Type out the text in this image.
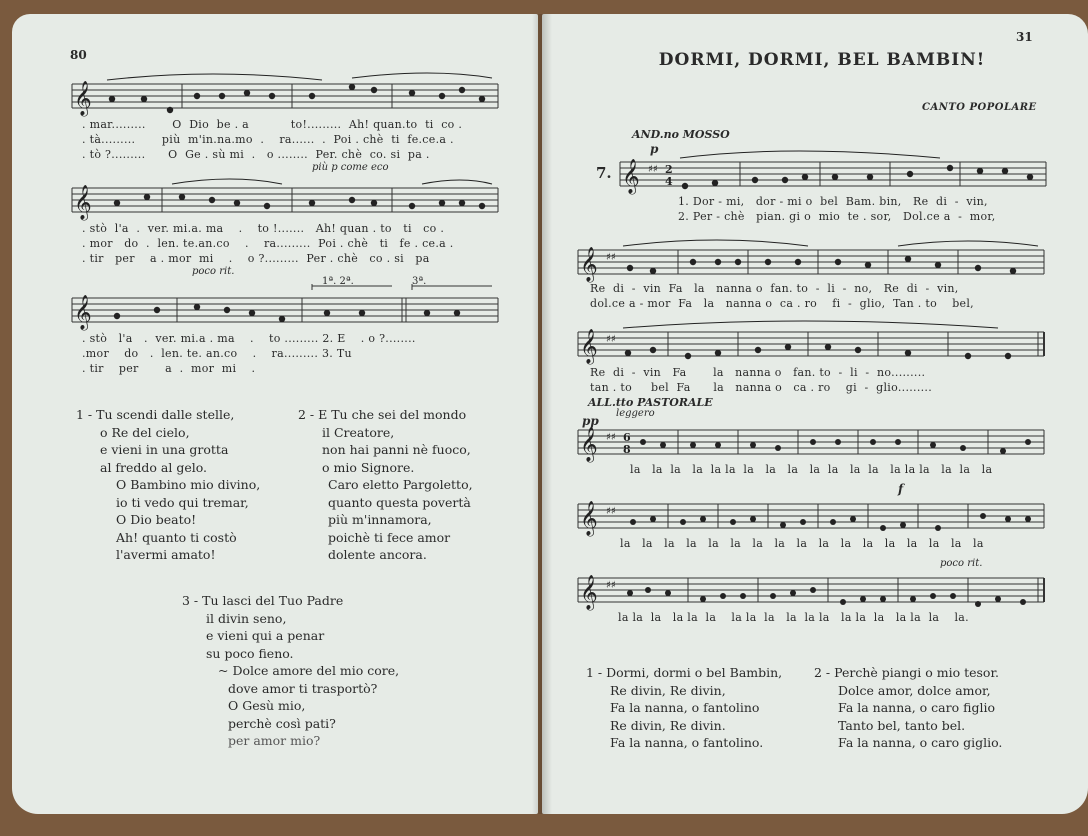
80
𝄞
. mar.........       O  Dio  be . a           to!.........  Ah! quan.to  ti  co .
. tà.........       più  m'in.na.mo  .    ra......  .  Poi . chè  ti  fe.ce.a .
. tò ?.........      O  Ge . sù mi  .   o ........  Per. chè  co. si  pa .
più p come eco
𝄞
. stò  l'a  .  ver. mi.a. ma    .    to !.......   Ah! quan . to   ti   co .
. mor   do  .  len. te.an.co    .    ra.........  Poi . chè   ti   fe . ce.a .
. tir   per    a . mor  mi    .    o ?.........  Per . chè   co . si   pa
poco rit.
1ª. 2ª.	3ª.
𝄞
. stò   l'a   .  ver. mi.a . ma    .    to ......... 2. E    . o ?........
.mor    do   .  len. te. an.co    .    ra......... 3. Tu
. tir    per       a  .  mor  mi    .
1 - Tu scendi dalle stelle,
o Re del cielo,
e vieni in una grotta
al freddo al gelo.
O Bambino mio divino,
io ti vedo qui tremar,
O Dio beato!
Ah! quanto ti costò
l'avermi amato!
2 - E Tu che sei del mondo
il Creatore,
non hai panni nè fuoco,
o mio Signore.
Caro eletto Pargoletto,
quanto questa povertà
più m'innamora,
poichè ti fece amor
dolente ancora.
3 - Tu lasci del Tuo Padre
il divin seno,
e vieni qui a penar
su poco fieno.
~ Dolce amore del mio core,
dove amor ti trasportò?
O Gesù mio,
perchè così pati?
per amor mio?
31
DORMI, DORMI, BEL BAMBIN!
CANTO POPOLARE
AND.no MOSSO
p
7. 𝄞 ♯♯ 2
4
1. Dor - mi,   dor - mi o  bel  Bam. bin,   Re  di  -  vin,
2. Per - chè   pian. gi o  mio  te . sor,   Dol.ce a  -  mor,
𝄞 ♯♯
Re  di  -  vin  Fa   la   nanna o  fan. to  -  li  -  no,   Re  di  -  vin,
dol.ce a - mor  Fa   la   nanna o  ca . ro    fi  -  glio,  Tan . to    bel,
𝄞 ♯♯
Re  di  -  vin   Fa       la   nanna o   fan. to  -  li  -  no.........
tan . to     bel  Fa      la   nanna o   ca . ro    gi  -  glio.........
ALL.tto PASTORALE
pp
leggero
𝄞 ♯♯ 6
8
la   la  la   la  la la  la   la   la   la  la   la  la   la la la   la  la   la
f
𝄞 ♯♯
la   la   la   la   la   la   la   la   la   la   la   la   la   la   la   la   la
poco rit.
𝄞 ♯♯
la la  la   la la  la    la la  la   la  la la   la la  la   la la  la    la.
1 - Dormi, dormi o bel Bambin,
Re divin, Re divin,
Fa la nanna, o fantolino
Re divin, Re divin.
Fa la nanna, o fantolino.
2 - Perchè piangi o mio tesor.
Dolce amor, dolce amor,
Fa la nanna, o caro figlio
Tanto bel, tanto bel.
Fa la nanna, o caro giglio.
